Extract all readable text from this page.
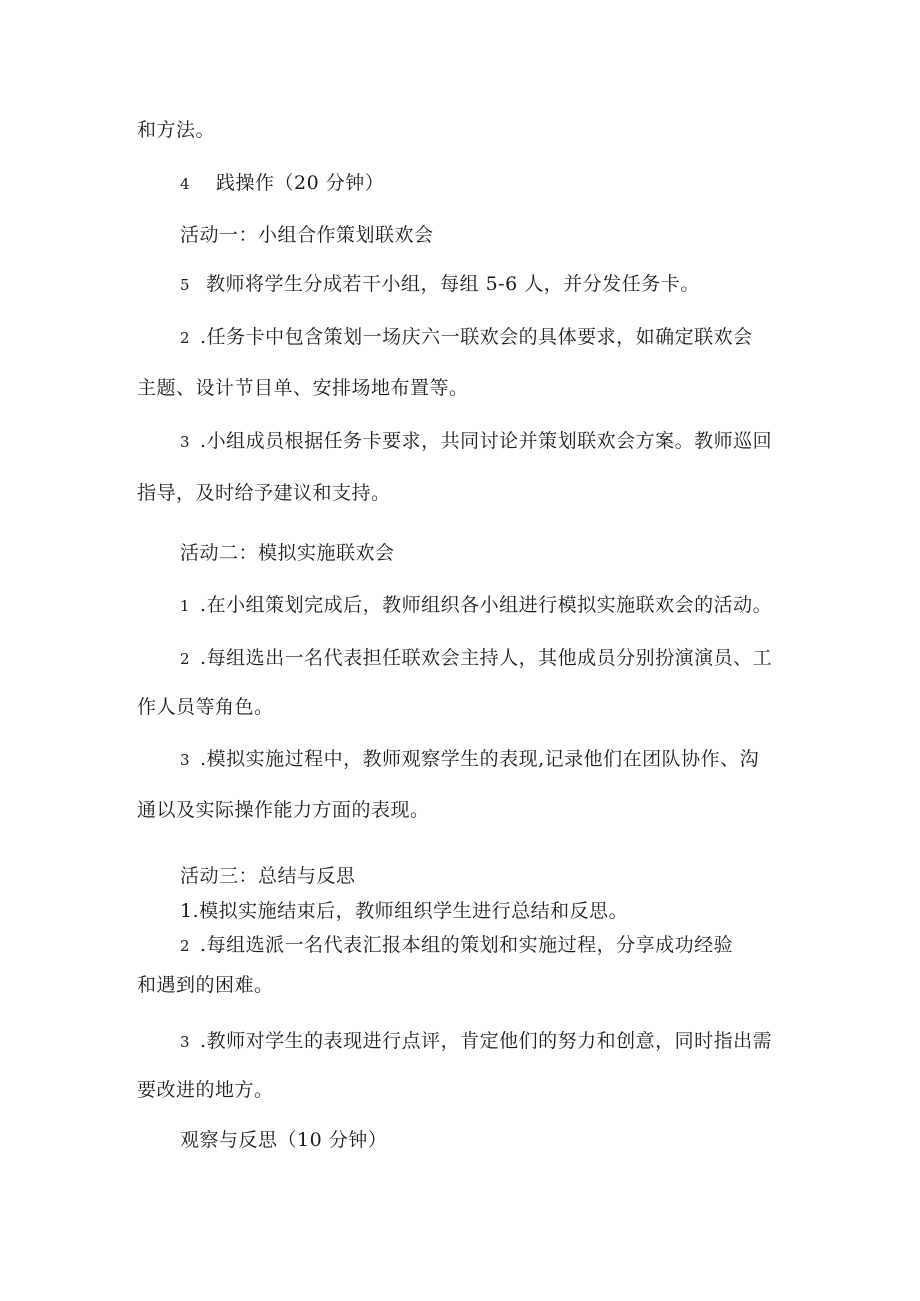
和方法。
4 践操作（20 分钟）
活动一：小组合作策划联欢会
5 教师将学生分成若干小组，每组 5-6 人，并分发任务卡。
2 .任务卡中包含策划一场庆六一联欢会的具体要求，如确定联欢会
主题、设计节目单、安排场地布置等。
3 .小组成员根据任务卡要求，共同讨论并策划联欢会方案。教师巡回
指导，及时给予建议和支持。
活动二：模拟实施联欢会
1 .在小组策划完成后，教师组织各小组进行模拟实施联欢会的活动。
2 .每组选出一名代表担任联欢会主持人，其他成员分别扮演演员、工
作人员等角色。
3 .模拟实施过程中，教师观察学生的表现,记录他们在团队协作、沟
通以及实际操作能力方面的表现。
活动三：总结与反思
1.模拟实施结束后，教师组织学生进行总结和反思。
2 .每组选派一名代表汇报本组的策划和实施过程，分享成功经验
和遇到的困难。
3 .教师对学生的表现进行点评，肯定他们的努力和创意，同时指出需
要改进的地方。
观察与反思（10 分钟）
